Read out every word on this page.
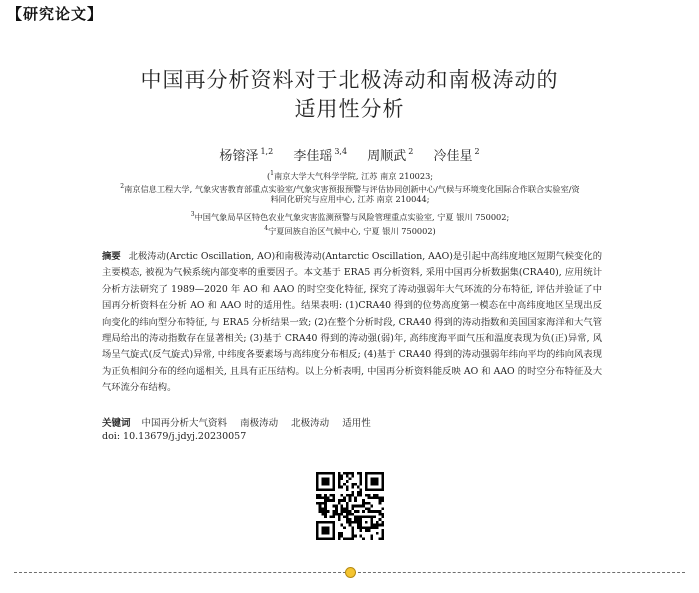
【研究论文】
中国再分析资料对于北极涛动和南极涛动的
适用性分析
杨镕泽 $^{1,2}$ 李佳瑶 $^{3,4}$ 周顺武 $^2$ 冷佳星 $^2$
($^1$南京大学大气科学学院, 江苏 南京 210023;
$^2$南京信息工程大学, 气象灾害教育部重点实验室/气象灾害预报预警与评估协同创新中心/气候与环境变化国际合作联合实验室/资
料同化研究与应用中心, 江苏 南京 210044;
$^3$中国气象局旱区特色农业气象灾害监测预警与风险管理重点实验室, 宁夏 银川 750002;
$^4$宁夏回族自治区气候中心, 宁夏 银川 750002)
摘要 北极涛动(Arctic Oscillation, AO)和南极涛动(Antarctic Oscillation, AAO)是引起中高纬度地区短期气候变化的主要模态, 被视为气候系统内部变率的重要因子。本文基于 ERA5 再分析资料, 采用中国再分析数据集(CRA40), 应用统计分析方法研究了 1989—2020 年 AO 和 AAO 的时空变化特征, 探究了涛动强弱年大气环流的分布特征, 评估并验证了中国再分析资料在分析 AO 和 AAO 时的适用性。结果表明: (1)CRA40 得到的位势高度第一模态在中高纬度地区呈现出反向变化的纬向型分布特征, 与 ERA5 分析结果一致; (2)在整个分析时段, CRA40 得到的涛动指数和美国国家海洋和大气管理局给出的涛动指数存在显著相关; (3)基于 CRA40 得到的涛动强(弱)年, 高纬度海平面气压和温度表现为负(正)异常, 风场呈气旋式(反气旋式)异常, 中纬度各要素场与高纬度分布相反; (4)基于 CRA40 得到的涛动强弱年纬向平均的纬向风表现为正负相间分布的经向遥相关, 且具有正压结构。以上分析表明, 中国再分析资料能反映 AO 和 AAO 的时空分布特征及大气环流分布结构。
关键词 中国再分析大气资料 南极涛动 北极涛动 适用性
doi: 10.13679/j.jdyj.20230057
